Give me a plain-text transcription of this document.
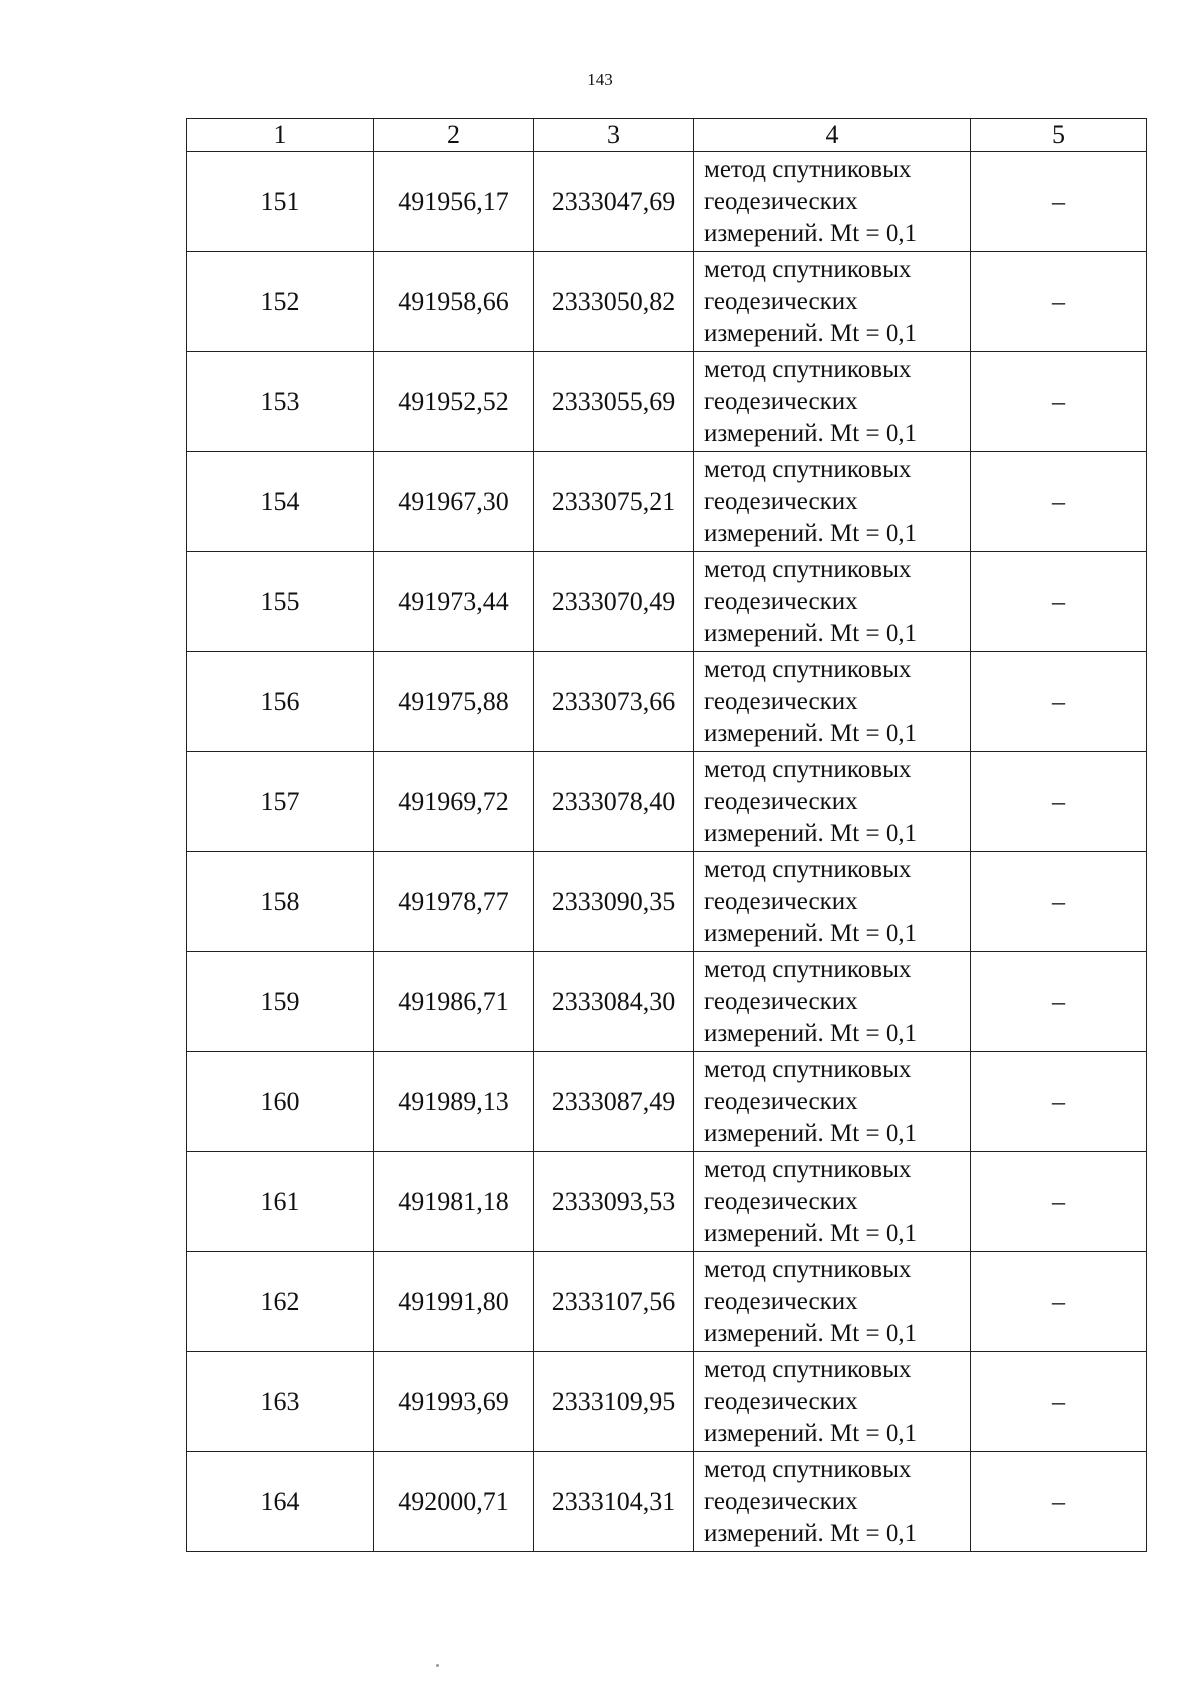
143
1	2	3	4	5
151	491956,17	2333047,69	метод спутниковых
геодезических
измерений. Mt = 0,1	–
152	491958,66	2333050,82	метод спутниковых
геодезических
измерений. Mt = 0,1	–
153	491952,52	2333055,69	метод спутниковых
геодезических
измерений. Mt = 0,1	–
154	491967,30	2333075,21	метод спутниковых
геодезических
измерений. Mt = 0,1	–
155	491973,44	2333070,49	метод спутниковых
геодезических
измерений. Mt = 0,1	–
156	491975,88	2333073,66	метод спутниковых
геодезических
измерений. Mt = 0,1	–
157	491969,72	2333078,40	метод спутниковых
геодезических
измерений. Mt = 0,1	–
158	491978,77	2333090,35	метод спутниковых
геодезических
измерений. Mt = 0,1	–
159	491986,71	2333084,30	метод спутниковых
геодезических
измерений. Mt = 0,1	–
160	491989,13	2333087,49	метод спутниковых
геодезических
измерений. Mt = 0,1	–
161	491981,18	2333093,53	метод спутниковых
геодезических
измерений. Mt = 0,1	–
162	491991,80	2333107,56	метод спутниковых
геодезических
измерений. Mt = 0,1	–
163	491993,69	2333109,95	метод спутниковых
геодезических
измерений. Mt = 0,1	–
164	492000,71	2333104,31	метод спутниковых
геодезических
измерений. Mt = 0,1	–
